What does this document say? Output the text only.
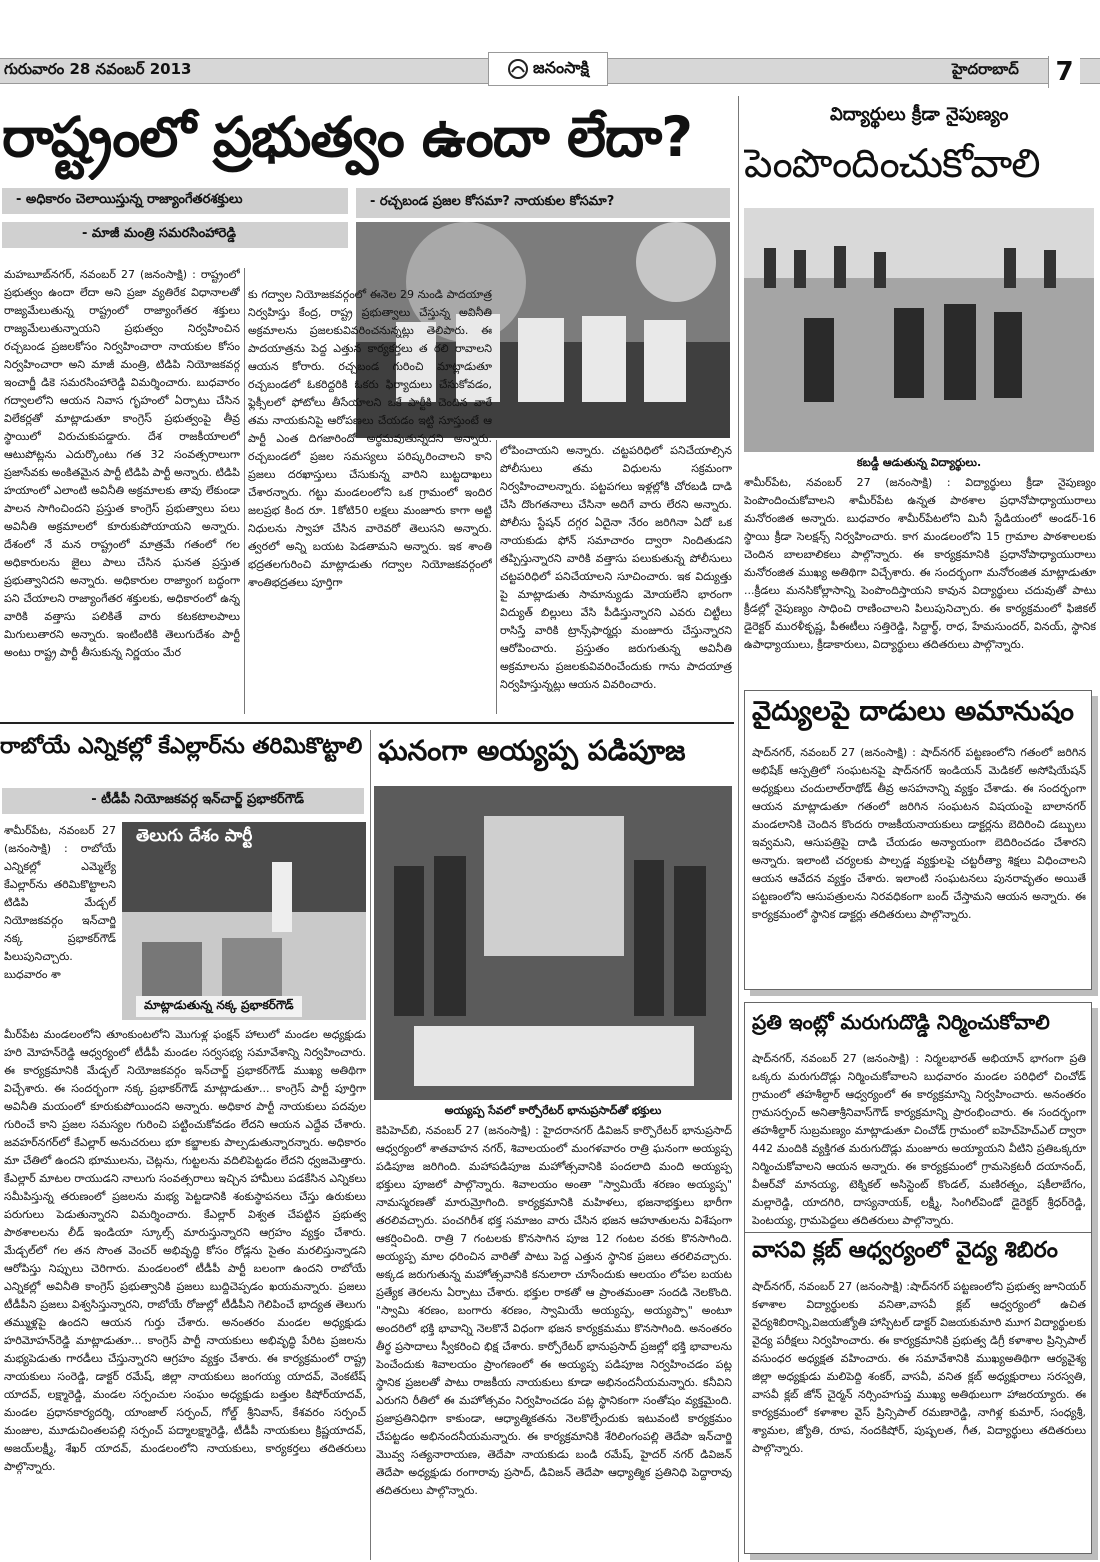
గురువారం 28 నవంబర్ 2013	జనంసాక్షి	హైదరాబాద్ 7
రాష్ట్రంలో ప్రభుత్వం ఉందా లేదా?
- అధికారం చెలాయిస్తున్న రాజ్యాంగేతరశక్తులు
- మాజీ మంత్రి సమరసింహారెడ్డి
- రచ్చబండ ప్రజల కోసమా? నాయకుల కోసమా?
మహబూబ్‌నగర్, నవంబర్ 27 (జనంసాక్షి) : రాష్ట్రంలో ప్రభుత్వం ఉందా లేదా అని ప్రజా వ్యతిరేక విధానాలతో రాజ్యమేలుతున్న రాష్ట్రంలో రాజ్యాంగేతర శక్తులు రాజ్యమేలుతున్నాయని ప్రభుత్వం నిర్వహించిన రచ్చబండ ప్రజలకోసం నిర్వహించారా నాయకుల కోసం నిర్వహించారా అని మాజీ మంత్రి, టిడిపి నియోజకవర్గ ఇంచార్జీ డికె సమరసింహారెడ్డి విమర్శించారు. బుధవారం గద్వాలలోని ఆయన నివాస గృహంలో ఏర్పాటు చేసిన విలేకర్లతో మాట్లాడుతూ కాంగ్రెస్ ప్రభుత్వంపై తీవ్ర స్థాయిలో విరుచుకుపడ్డారు. దేశ రాజకీయాలలో ఆటుపోట్లను ఎదుర్కొంటు గత 32 సంవత్సరాలుగా ప్రజాసేవకు అంకితమైన పార్టీ టిడిపి పార్టీ అన్నారు. టిడిపి హయాంలో ఎలాంటి అవినీతి అక్రమాలకు తావు లేకుండా పాలన సాగించిందని ప్రస్తుత కాంగ్రెస్ ప్రభుత్వాలు పలు అవినీతి అక్రమాలలో కూరుకుపోయాయని అన్నారు. దేశంలో నే మన రాష్ట్రంలో మాత్రమే గతంలో గల అధికారులను జైలు పాలు చేసిన ఘనత ప్రస్తుత ప్రభుత్వానిదని అన్నారు. అధికారుల రాజ్యాంగ బద్ధంగా పని చేయాలని రాజ్యాంగేతర శక్తులకు, అధికారంలో ఉన్న వారికి వత్తాసు పలికితే వారు కటకటాలపాలు మిగులుతారని అన్నారు. ఇంటింటికి తెలుగుదేశం పార్టీ అంటు రాష్ట్ర పార్టీ తీసుకున్న నిర్ణయం మేర
కు గద్వాల నియోజకవర్గంలో ఈనెల 29 నుండి పాదయాత్ర నిర్వహిస్తు కేంద్ర, రాష్ట్ర ప్రభుత్వాలు చేస్తున్న అవినీతి అక్రమాలను ప్రజలకువివరించనున్నట్లు తెలిపారు. ఈ పాదయాత్రను పెద్ద ఎత్తున కార్యకర్తలు త రలి రావాలని ఆయన కోరారు. రచ్చబండ గురించి మాట్లాడుతూ రచ్చబండలో ఓకరిద్దరికి ఓకరు ఫిర్యాదులు చేసుకోవడం, ఫ్లెక్సీలలో ఫోటోలు తీసేయాలని ఒకే పార్టీకి చెందిన వారే తమ నాయకునిపై ఆరోపణలు చేయడం ఇట్టి సూస్తుంటే ఆ పార్టీ ఎంత దిగజారిందో అర్థమవుతున్నదని అన్నారు. రచ్చబండలో ప్రజల సమస్యలు పరిష్కరించాలని కాని ప్రజలు దరఖాస్తులు చేసుకున్న వారిని బుట్టదాఖలు చేశారన్నారు. గట్టు మండలంలోని ఒక గ్రామంలో ఇందిర జలప్రభ కింద రూ. 1కోటి50 లక్షలు మంజూరు కాగా అట్టి నిధులను స్వాహా చేసిన వారెవరో తెలుసని అన్నారు. త్వరలో అన్ని బయట పెడతామని అన్నారు. ఇక శాంతి భద్రతలగురించి మాట్లాడుతు గద్వాల నియోజకవర్గంలో శాంతిభద్రతలు పూర్తిగా
లోపించాయని అన్నారు. చట్టపరిధిలో పనిచేయాల్సిన పోలీసులు తమ విధులను సక్రమంగా నిర్వహించాలన్నారు. పట్టపగలు ఇళ్లల్లోకి చోరబడి దాడి చేసి దొంగతనాలు చేసినా అదిగే వారు లేరని అన్నారు. పోలీసు స్టేషన్ దగ్గర ఏదైనా నేరం జరిగినా ఏదో ఒక నాయకుడు ఫోన్ సమాచారం ద్వారా నిందితుడని తప్పిస్తున్నారని వారికి వత్తాసు పలుకుతున్న పోలీసులు చట్టపరిధిలో పనిచేయాలని సూచించారు. ఇక విద్యుత్తు పై మాట్లాడుతు సామాన్యుడు మోయలేని భారంగా విద్యుత్ బిల్లులు వేసి పీడిస్తున్నారని ఎవరు చిట్టీలు రాసిస్తే వారికి ట్రాన్స్‌ఫార్మర్లు మంజూరు చేస్తున్నారని ఆరోపించారు. ప్రస్తుతం జరుగుతున్న అవినీతి అక్రమాలను ప్రజలకువివరించేందుకు గాను పాదయాత్ర నిర్వహిస్తున్నట్లు ఆయన వివరించారు.
విద్యార్థులు క్రీడా నైపుణ్యం
పెంపొందించుకోవాలి
కబడ్డీ ఆడుతున్న విద్యార్థులు.
శామీర్‌పేట, నవంబర్ 27 (జనంసాక్షి) : విద్యార్థులు క్రీడా నైపుణ్యం పెంపొందించుకోవాలని శామీర్‌పేట ఉన్నత పాఠశాల ప్రధానోపాధ్యాయురాలు మనోరంజిత అన్నారు. బుధవారం శామీర్‌పేటలోని మినీ స్టేడియంలో అండర్-16 స్థాయి క్రీడా సెలక్షన్స్ నిర్వహించారు. కాగ మండలంలోని 15 గ్రామాల పాఠశాలలకు చెందిన బాలబాలికలు పాల్గొన్నారు. ఈ కార్యక్రమానికి ప్రధానోపాధ్యాయురాలు మనోరంజిత ముఖ్య అతిథిగా విచ్చేశారు. ఈ సందర్భంగా మనోరంజిత మాట్లాడుతూ ...క్రీడలు మనసికోల్లాసాన్ని పెంపొందిస్తాయని కావున విద్యార్థులు చదువుతో పాటు క్రీడల్లో నైపుణ్యం సాధించి రాణించాలని పిలుపునిచ్చారు. ఈ కార్యక్రమంలో ఫిజికల్ డైరెక్టర్ మురళీకృష్ణ, పీఈటీలు సత్తిరెడ్డి, సిద్దార్థ్, రాధ, హేమసుందర్, వినయ్, స్థానిక ఉపాధ్యాయులు, క్రీడాకారులు, విద్యార్థులు తదితరులు పాల్గొన్నారు.
రాబోయే ఎన్నికల్లో కేఎల్లార్‌ను తరిమికొట్టాలి
- టీడీపీ నియోజకవర్గ ఇన్‌చార్జ్ ప్రభాకర్‌గౌడ్
శామీర్‌పేట, నవంబర్ 27 (జనంసాక్షి) : రాబోయే ఎన్నికల్లో ఎమ్మెల్యే కేఎల్లార్‌ను తరిమికొట్టాలని టిడిపి మేడ్చల్ నియోజకవర్గం ఇన్‌చార్జి నక్క ప్రభాకర్‌గౌడ్ పిలుపునిచ్చారు. బుధవారం శా
తెలుగు దేశం పార్టీ
మాట్లాడుతున్న నక్క ప్రభాకర్‌గౌడ్
మీర్‌పేట మండలంలోని తూంకుంటలోని మొగుళ్ల ఫంక్షన్ హాలులో మండల అధ్యక్షుడు హరి మోహన్‌రెడ్డి ఆధ్వర్యంలో టీడీపీ మండల సర్వసభ్య సమావేశాన్ని నిర్వహించారు. ఈ కార్యక్రమానికి మేడ్చల్ నియోజకవర్గం ఇన్‌చార్జ్ ప్రభాకర్‌గౌడ్ ముఖ్య అతిథిగా విచ్చేశారు. ఈ సందర్భంగా నక్క ప్రభాకర్‌గౌడ్ మాట్లాడుతూ... కాంగ్రెస్ పార్టీ పూర్తిగా అవినీతి మయంలో కూరుకుపోయిందని అన్నారు. అధికార పార్టీ నాయకులు పదవుల గురించే కాని ప్రజల సమస్యల గురించి పట్టించుకోవడం లేదని ఆయన ఎద్దేవ చేశారు. జవహర్‌నగర్‌లో కేఎల్లార్ అనుచరులు భూ కబ్జాలకు పాల్పడుతున్నారన్నారు. అధికారం మా చేతిలో ఉందని భూములను, చెట్లను, గుట్టలను వదిలిపెట్టడం లేదని ధ్వజమెత్తారు. కేఎల్లార్ మాటల రాయుడని నాలుగు సంవత్సరాలు ఇచ్చిన హామీలు పడకేసిన ఎన్నికలు సమీపిస్తున్న తరుణంలో ప్రజలను మభ్య పెట్టడానికి శంకుస్థాపనలు చేస్తు ఉరుకులు పరుగులు పెడుతున్నారని విమర్శించారు. కేఎల్లార్ విశ్వత చేపట్టిన ప్రభుత్వ పాఠశాలలను లీడ్ ఇండియా స్కూల్స్ మారుస్తున్నారని ఆగ్రహం వ్యక్తం చేశారు. మేడ్చల్‌లో గల తన సొంత వెంచర్ అభివృద్ధి కోసం రోడ్లను సైతం మరలిస్తున్నాడని ఆరోపిస్తు నిప్పులు చెరిగారు. మండలంలో టీడీపీ పార్టీ బలంగా ఉందని రాబోయే ఎన్నికల్లో అవినీతి కాంగ్రెస్ ప్రభుత్వానికి ప్రజలు బుద్దిచెప్పడం ఖయమన్నారు. ప్రజలు టీడీపీని ప్రజలు విశ్వసిస్తున్నారని, రాబోయే రోజుల్లో టీడీపీని గెలిపించే భాద్యత తెలుగు తమ్ముళ్లపై ఉందని ఆయన గుర్తు చేశారు. అనంతరం మండల అధ్యక్షుడు హరిమోహన్‌రెడ్డి మాట్లాడుతూ... కాంగ్రెస్ పార్టీ నాయకులు అభివృద్ధి పేరిట ప్రజలను మభ్యపెడుతు గారడీలు చేస్తున్నారని ఆగ్రహం వ్యక్తం చేశారు. ఈ కార్యక్రమంలో రాష్ట్ర నాయకులు సంరెడ్డి, డాక్టర్ రమేష్, జిల్లా నాయకులు జంగయ్య యాదవ్, వెంకటేష్ యాదవ్, లక్ష్మారెడ్డి, మండల సర్పంచుల సంఘం అధ్యక్షుడు బత్తుల కిషోర్‌యాదవ్, మండల ప్రధానకార్యదర్శి, యాంజాల్ సర్పంచ్, గోల్డ్ శ్రీనివాస్, కేశవరం సర్పంచ్ మంజుల, మూడుచింతలపల్లి సర్పంచ్ పద్మాలక్ష్మారెడ్డి, టీడీపీ నాయకులు క్రిష్ణయాదవ్, అజయ్‌లక్ష్మీ, శేఖర్ యాదవ్, మండలంలోని నాయకులు, కార్యకర్తలు తదితరులు పాల్గొన్నారు.
ఘనంగా అయ్యప్ప పడిపూజ
అయ్యప్ప సేవలో కార్పోరేటర్ భానుప్రసాద్‌తో భక్తులు
కెపిహెచ్‌బి, నవంబర్ 27 (జనంసాక్షి) : హైదరానగర్ డివిజన్ కార్పొరేటర్ భానుప్రసాద్ ఆధ్వర్యంలో శాతవాహన నగర్, శివాలయంలో మంగళవారం రాత్రి ఘనంగా అయ్యప్ప పడిపూజ జరిగింది. మహాపడిపూజ మహోత్సవానికి పందలాది మంది అయ్యప్ప భక్తులు పూజలో పాల్గొన్నారు. శివాలయం అంతా "స్వామియే శరణం అయ్యప్ప" నామస్మరణతో మారుమ్రోగింది. కార్యక్రమానికి మహిళలు, భజనాభక్తులు భారీగా తరలివచ్చారు. పంచగిరీశ భక్త సమాజం వారు చేసిన భజన ఆహూతులను విశేషంగా ఆకర్షించింది. రాత్రి 7 గంటలకు కొనసాగిన పూజ 12 గంటల వరకు కొనసాగింది. అయ్యప్ప మాల ధరించిన వారితో పాటు పెద్ద ఎత్తున స్థానిక ప్రజలు తరలివచ్చారు. అక్కడ జరుగుతున్న మహోత్సవానికి కనులారా చూసేందుకు ఆలయం లోపల బయట ప్రత్యేక తెరలను ఏర్పాటు చేశారు. భక్తుల రాకతో ఆ ప్రాంతమంతా సందడి నెలకొంది. "స్వామి శరణం, బంగారు శరణం, స్వామియే అయ్యప్ప, అయ్యప్పా" అంటూ అందరిలో భక్తి భావాన్ని నెలకొనే విధంగా భజన కార్యక్రమము కొనసాగింది. అనంతరం తీర్థ ప్రసాదాలు స్వీకరించి భిక్ష చేశారు. కార్పోరేటర్ భానుప్రసాద్ ప్రజల్లో భక్తి భావాలను పెంచేందుకు శివాలయం ప్రాంగణంలో ఈ అయ్యప్ప పడిపూజ నిర్వహించడం పట్ల స్థానిక ప్రజలతో పాటు రాజకీయ నాయకులు కూడా అభినందనీయమన్నారు. కనీవిని ఎరుగని రీతిలో ఈ మహోత్సవం నిర్వహించడం పట్ల స్థానికంగా సంతోషం వ్యక్తమైంది. ప్రజాప్రతినిధిగా కాకుండా, ఆధ్యాత్మికతను నెలకొల్పేందుకు ఇటువంటి కార్యక్రమం చేపట్టడం అభినందనీయమన్నారు. ఈ కార్యక్రమానికి శేరిలింగంపల్లి తెదేపా ఇన్‌చార్జి మొవ్వ సత్యనారాయణ, తెదేపా నాయకుడు బండి రమేష్, హైదర్ నగర్ డివిజన్ తెదేపా అధ్యక్షుడు రంగారావు ప్రసాద్, డివిజన్ తెదేపా ఆధ్యాత్మిక ప్రతినిధి పెద్దారావు తదితరులు పాల్గొన్నారు.
వైద్యులపై దాడులు అమానుషం
షాద్‌నగర్, నవంబర్ 27 (జనంసాక్షి) : షాద్‌నగర్ పట్టణంలోని గతంలో జరిగిన అభిషేక్ ఆస్పత్రిలో సంఘటనపై షాద్‌నగర్ ఇండియన్ మెడికల్ అసోషియేషన్ అధ్యక్షులు చందులాల్‌రాథోడ్ తీవ్ర అసహనాన్ని వ్యక్తం చేశాడు. ఈ సందర్భంగా ఆయన మాట్లాడుతూ గతంలో జరిగిన సంఘటన విషయంపై బాలానగర్ మండలానికి చెందిన కొందరు రాజకీయనాయకులు డాక్టర్లను బెదిరించి డబ్బులు ఇవ్వమని, ఆసుపత్రిపై దాడి చేయడం అన్యాయంగా బెదిరించడం చేశారని అన్నారు. ఇలాంటి చర్యలకు పాల్పడ్డ వ్యక్తులపై చట్టరీత్యా శిక్షలు విధించాలని ఆయన ఆవేదన వ్యక్తం చేశారు. ఇలాంటి సంఘటనలు పునరావృతం అయితే పట్టణంలోని ఆసుపత్రులను నిరవధికంగా బంద్ చేస్తామని ఆయన అన్నారు. ఈ కార్యక్రమంలో స్థానిక డాక్టర్లు తదితరులు పాల్గొన్నారు.
ప్రతి ఇంట్లో మరుగుదొడ్డి నిర్మించుకోవాలి
షాద్‌నగర్, నవంబర్ 27 (జనంసాక్షి) : నిర్మలభారత్ అభియాన్ భాగంగా ప్రతి ఒక్కరు మరుగుదొడ్లు నిర్మించుకోవాలని బుధవారం మండల పరిధిలో చించోడ్ గ్రామంలో తహశీల్దార్ ఆధ్వర్యంలో ఈ కార్యక్రమాన్ని నిర్వహించారు. అనంతరం గ్రామసర్పంచ్ అనితాశ్రీనివాస్‌గౌడ్ కార్యక్రమాన్ని ప్రారంభించారు. ఈ సందర్భంగా తహశీల్దార్ సుబ్రమణ్యం మాట్లాడుతూ చించోడ్ గ్రామంలో ఐహెచ్‌హెచ్‌ఎల్ ద్వారా 442 మందికి వ్యక్తిగత మరుగుదొడ్లు మంజూరు అయ్యాయని వీటిని ప్రతిఒక్కరూ నిర్మించుకోవాలని ఆయన అన్నారు. ఈ కార్యక్రమంలో గ్రామసెక్రటరీ దయానంద్, వీఆర్‌వో మానయ్య, టెక్నికల్ అసిస్టెంట్ కొండల్, మణిరత్నం, షకీలాబేగం, మల్లారెడ్డి, యాదగిరి, దాస్యనాయక్, లక్ష్మీ, సింగిల్‌విండో డైరెక్టర్ శ్రీధర్‌రెడ్డి, పెంటయ్య, గ్రామపెద్దలు తదితరులు పాల్గొన్నారు.
వాసవి క్లబ్ ఆధ్వర్యంలో వైద్య శిబిరం
షాద్‌నగర్, నవంబర్ 27 (జనంసాక్షి) :షాద్‌నగర్ పట్టణంలోని ప్రభుత్వ జూనియర్ కళాశాల విద్యార్థులకు వనితా,వాసవీ క్లబ్ ఆధ్వర్యంలో ఉచిత వైద్యశిబిరాన్ని,విజయజ్యోతి హాస్పిటల్ డాక్టర్ విజయకుమారి మూగ విద్యార్థులకు వైద్య పరీక్షలు నిర్వహించారు. ఈ కార్యక్రమానికి ప్రభుత్వ డిగ్రీ కళాశాల ప్రిన్సిపాల్ వసుంధర అధ్యక్షత వహించారు. ఈ సమావేశానికి ముఖ్యఅతిథిగా ఆర్యవైశ్య జిల్లా అధ్యక్షుడు మలిపెద్ది శంకర్, వాసవీ, వనిత క్లబ్ అధ్యక్షురాలు సరస్వతి, వాసవీ క్లబ్ జోన్ చైర్మన్ నర్సింహగుప్త ముఖ్య అతిథులుగా హాజరయ్యారు. ఈ కార్యక్రమంలో కళాశాల వైస్ ప్రిన్సిపాల్ రమణారెడ్డి, నాగిళ్ల కుమార్, సంధ్యశ్రీ, శ్యామల, జ్యోతి, రూప, నందకిషోర్, పుష్పలత, గీత, విద్యార్థులు తదితరులు పాల్గొన్నారు.
